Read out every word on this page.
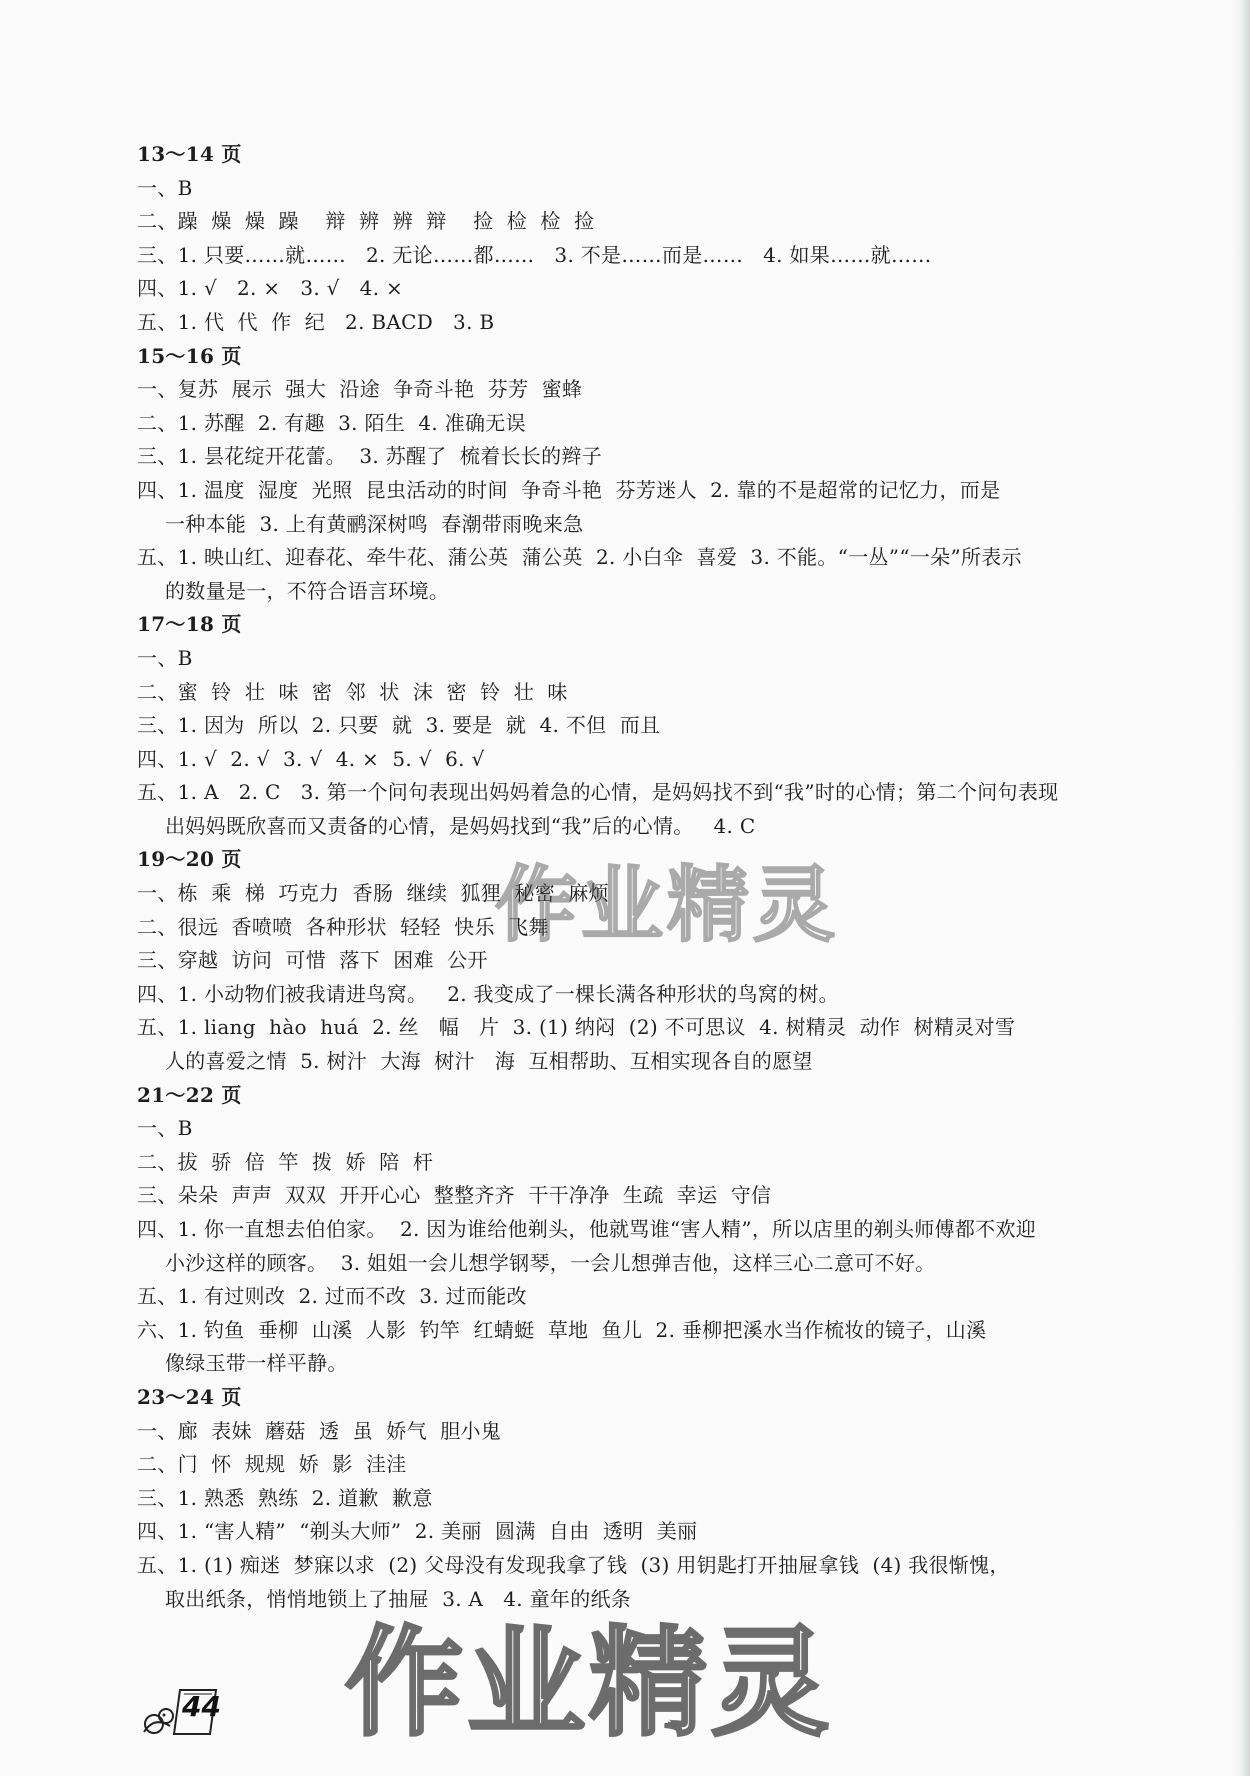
13～14 页
一、B
二、躁  燥  燥  躁    辩  辨  辨  辩    捡  检  检  捡
三、1. 只要……就……   2. 无论……都……   3. 不是……而是……   4. 如果……就……
四、1. √   2. ×   3. √   4. ×
五、1. 代  代  作  纪   2. BACD   3. B
15～16 页
一、复苏  展示  强大  沿途  争奇斗艳  芬芳  蜜蜂
二、1. 苏醒  2. 有趣  3. 陌生  4. 准确无误
三、1. 昙花绽开花蕾。  3. 苏醒了  梳着长长的辫子
四、1. 温度  湿度  光照  昆虫活动的时间  争奇斗艳  芬芳迷人  2. 靠的不是超常的记忆力，而是
一种本能  3. 上有黄鹂深树鸣  春潮带雨晚来急
五、1. 映山红、迎春花、牵牛花、蒲公英  蒲公英  2. 小白伞  喜爱  3. 不能。“一丛”“一朵”所表示
的数量是一，不符合语言环境。
17～18 页
一、B
二、蜜  铃  壮  味  密  邻  状  沫  密  铃  壮  味
三、1. 因为  所以  2. 只要  就  3. 要是  就  4. 不但  而且
四、1. √  2. √  3. √  4. ×  5. √  6. √
五、1. A   2. C   3. 第一个问句表现出妈妈着急的心情，是妈妈找不到“我”时的心情；第二个问句表现
出妈妈既欣喜而又责备的心情，是妈妈找到“我”后的心情。   4. C
19～20 页
一、栋  乘  梯  巧克力  香肠  继续  狐狸  秘密  麻烦
二、很远  香喷喷  各种形状  轻轻  快乐  飞舞
三、穿越  访问  可惜  落下  困难  公开
四、1. 小动物们被我请进鸟窝。   2. 我变成了一棵长满各种形状的鸟窝的树。
五、1. liang  hào  huá  2. 丝   幅   片  3. (1) 纳闷  (2) 不可思议  4. 树精灵  动作  树精灵对雪
人的喜爱之情  5. 树汁  大海  树汁   海  互相帮助、互相实现各自的愿望
21～22 页
一、B
二、拔  骄  倍  竿  拨  娇  陪  杆
三、朵朵  声声  双双  开开心心  整整齐齐  干干净净  生疏  幸运  守信
四、1. 你一直想去伯伯家。  2. 因为谁给他剃头，他就骂谁“害人精”，所以店里的剃头师傅都不欢迎
小沙这样的顾客。  3. 姐姐一会儿想学钢琴，一会儿想弹吉他，这样三心二意可不好。
五、1. 有过则改  2. 过而不改  3. 过而能改
六、1. 钓鱼  垂柳  山溪  人影  钓竿  红蜻蜓  草地  鱼儿  2. 垂柳把溪水当作梳妆的镜子，山溪
像绿玉带一样平静。
23～24 页
一、廊  表妹  蘑菇  透  虽  娇气  胆小鬼
二、门  怀  规规  娇  影  洼洼
三、1. 熟悉  熟练  2. 道歉  歉意
四、1. “害人精”  “剃头大师”  2. 美丽  圆满  自由  透明  美丽
五、1. (1) 痴迷  梦寐以求  (2) 父母没有发现我拿了钱  (3) 用钥匙打开抽屉拿钱  (4) 我很惭愧，
取出纸条，悄悄地锁上了抽屉  3. A   4. 童年的纸条
44
作业精灵
作业精灵
